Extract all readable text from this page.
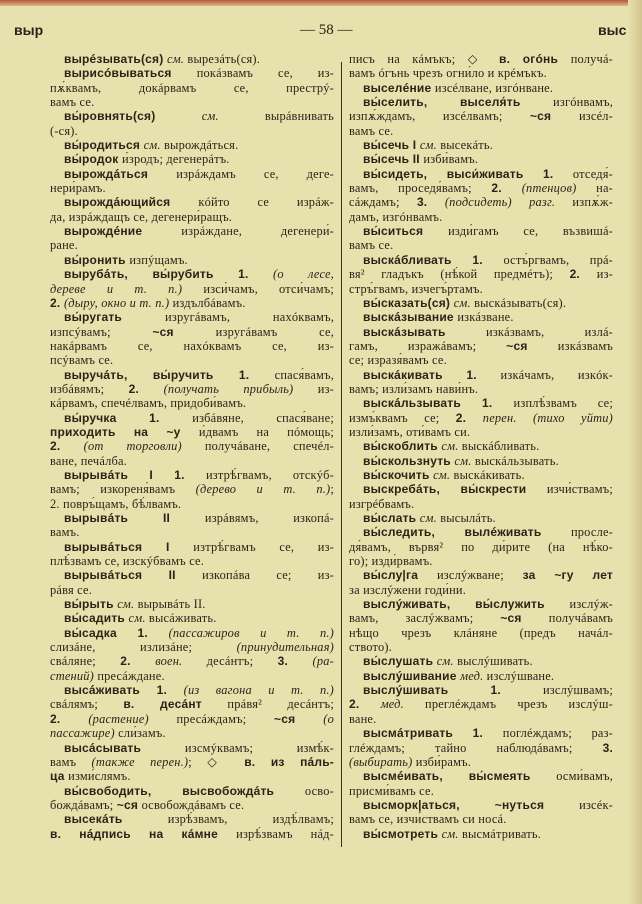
выр	— 58 —	выс
вырéзывать(ся) см. вырезáть(ся).
вырисóвываться покáзвамъ се, из-
пѫ́квамъ, докáрвамъ се, престрý-
вамъ се.
вы́ровнять(ся) см. вырáвнивать
(-ся).
вы́родиться см. вырождáться.
вы́родок и́зродъ; дегенерáтъ.
вырождáться изрáждамъ се, деге-
нери́рамъ.
вырождáющийся кóйто се изрáж-
да, изрáждащъ се, дегенери́ращъ.
вырождéние изрáждане, дегенери́-
ране.
вы́ронить изпýщамъ.
вырубáть, вы́рубить 1. (о лесе,
дереве и т. п.) изси́чамъ, отси́чамъ;
2. (дыру, окно и т. п.) издълбáвамъ.
вы́ругать изругáвамъ, нахóквамъ,
изпсýвамъ; ~ся изругáвамъ се,
накáрвамъ се, нахóквамъ се, из-
псýвамъ се.
выручáть, вы́ручить 1. спася́вамъ,
избáвямъ; 2. (получать прибыль) из-
кáрвамъ, спечéлвамъ, придоби́вамъ.
вы́ручка 1. избáвяне, спася́ване;
приходить на ~у и́двамъ на пóмощь;
2. (от торговли) получáване, спечéл-
ване, печáлба.
вырывáть I 1. изтрѣ́гвамъ, отскýб-
вамъ; изкореня́вамъ (дерево и т. п.);
2. повръ́щамъ, бѣ́лвамъ.
вырывáть II изрáвямъ, изкопá-
вамъ.
вырывáться I изтрѣ́гвамъ се, из-
плѣ́звамъ се, изскýбвамъ се.
вырывáться II изкопáва се; из-
рáвя се.
вы́рыть см. вырывáть II.
вы́садить см. высáживать.
вы́садка 1. (пассажиров и т. п.)
слизáне, излизáне; (принудительная)
свáляне; 2. воен. десáнтъ; 3. (ра-
стений) пресáждане.
высáживать 1. (из вагона и т. п.)
свáлямъ; в. десáнт прáвя² десáнтъ;
2. (растение) пресáждамъ; ~ся (о
пассажире) сли́замъ.
высáсывать изсмýквамъ; измѣ́к-
вамъ (также перен.); ◇ в. из пáль-
ца изми́слямъ.
вы́свободить, высвобождáть осво-
бождáвамъ; ~ся освобождáвамъ се.
высекáть изрѣ́звамъ, издѣ́лвамъ;
в. нáдпись на кáмне изрѣ́звамъ нáд-
писъ на кáмъкъ; ◇ в. огóнь получá-
вамъ óгънь чрезъ огни́ло и крéмъкъ.
выселéние изсéлване, изгóнване.
вы́селить, выселя́ть изгóнвамъ,
изпѫ́ждамъ, изсéлвамъ; ~ся изсéл-
вамъ се.
вы́сечь I см. высекáть.
вы́сечь II изби́вамъ.
вы́сидеть, выси́живать 1. отседя́-
вамъ, проседя́вамъ; 2. (птенцов) на-
сáждамъ; 3. (подсидеть) разг. изпѫ́ж-
дамъ, изгóнвамъ.
вы́ситься изди́гамъ се, възвишá-
вамъ се.
выскáбливать 1. остъ́ргвамъ, прá-
вя² гладъкъ (нѣ́кой предмéтъ); 2. из-
стръ́гвамъ, изчегъ́ртамъ.
вы́сказать(ся) см. выскáзывать(ся).
выскáзывание изкáзване.
выскáзывать изкáзвамъ, излá-
гамъ, изражáвамъ; ~ся изкáзвамъ
се; изразя́вамъ се.
выскáкивать 1. изкáчамъ, изкóк-
вамъ; изли́замъ нави́нъ.
выскáльзывать 1. изплѣ́звамъ се;
измъ́квамъ се; 2. перен. (тихо уйти)
изли́замъ, оти́вамъ си.
вы́скоблить см. выскáбливать.
вы́скользнуть см. выскáльзывать.
вы́скочить см. выскáкивать.
выскребáть, вы́скрести изчи́ствамъ;
изгрéбвамъ.
вы́слать см. высылáть.
вы́следить, вылéживать просле-
дя́вамъ, вървя² по ди́рите (на нѣ́ко-
го); изди́рвамъ.
вы́слу|га изслýжване; за ~гу лет
за изслýжени годи́ни.
выслýживать, вы́служить изслýж-
вамъ, заслýжвамъ; ~ся получáвамъ
нѣщо чрезъ клáняне (предъ начáл-
ството).
вы́слушать см. выслýшивать.
выслýшивание мед. изслýшване.
выслýшивать 1. изслýшвамъ;
2. мед. преглéждамъ чрезъ изслýш-
ване.
высмáтривать 1. поглéждамъ; раз-
глéждамъ; тайно наблюдáвамъ; 3.
(выбирать) изби́рамъ.
высмéивать, вы́смеять осми́вамъ,
присми́вамъ се.
высморк|аться, ~нуться изсéк-
вамъ се, изчи́ствамъ си носá.
вы́смотреть см. высмáтривать.
